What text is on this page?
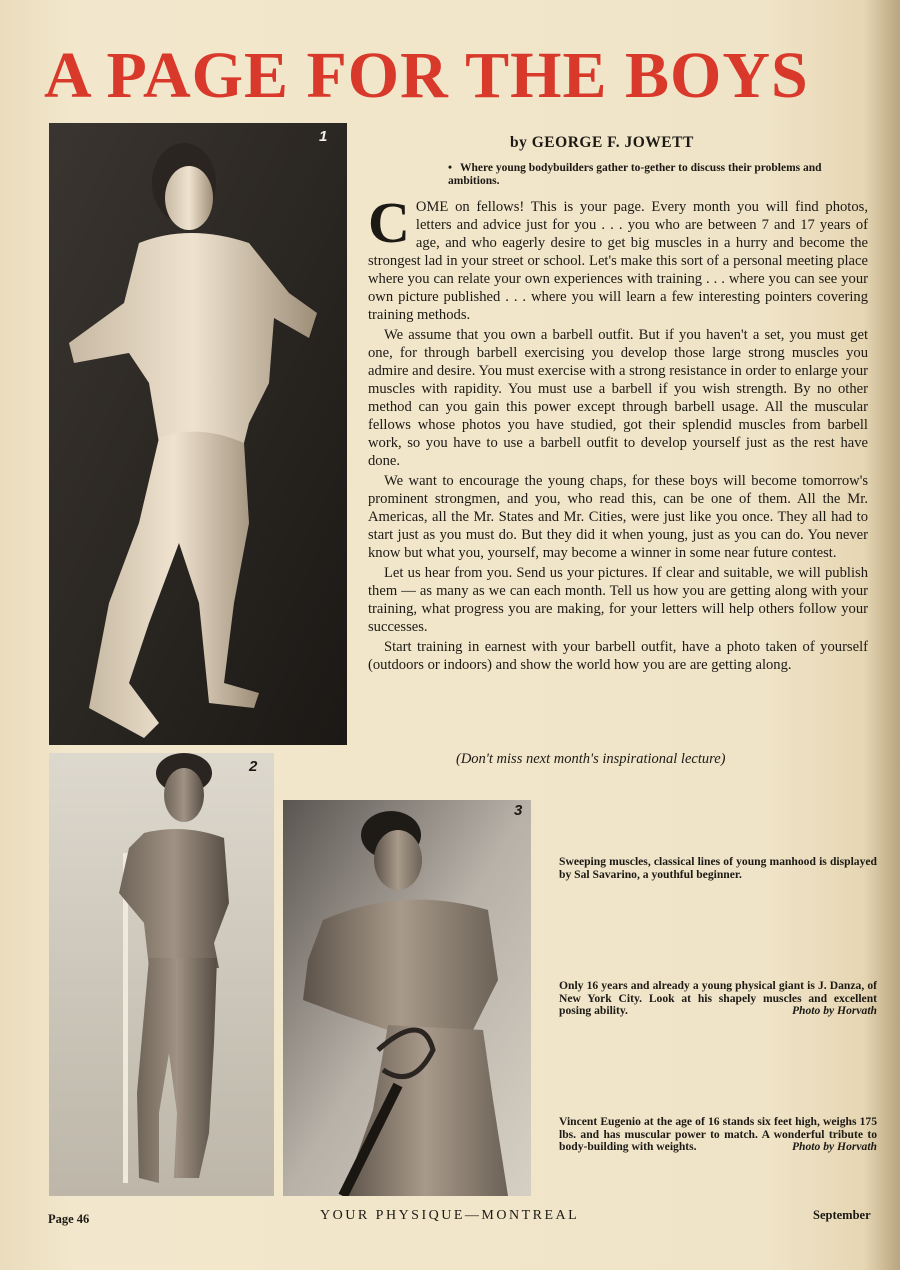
A PAGE FOR THE BOYS
1
2
3
by GEORGE F. JOWETT
• Where young bodybuilders gather to-gether to discuss their problems and ambitions.

COME on fellows! This is your page. Every month you will find photos, letters and advice just for you . . . you who are between 7 and 17 years of age, and who eagerly desire to get big muscles in a hurry and become the strongest lad in your street or school. Let's make this sort of a personal meeting place where you can relate your own experiences with training . . . where you can see your own picture published . . . where you will learn a few interesting pointers covering training methods.

We assume that you own a barbell outfit. But if you haven't a set, you must get one, for through barbell exercising you develop those large strong muscles you admire and desire. You must exercise with a strong resistance in order to enlarge your muscles with rapidity. You must use a barbell if you wish strength. By no other method can you gain this power except through barbell usage. All the muscular fellows whose photos you have studied, got their splendid muscles from barbell work, so you have to use a barbell outfit to develop yourself just as the rest have done.

We want to encourage the young chaps, for these boys will become tomorrow's prominent strongmen, and you, who read this, can be one of them. All the Mr. Americas, all the Mr. States and Mr. Cities, were just like you once. They all had to start just as you must do. But they did it when young, just as you can do. You never know but what you, yourself, may become a winner in some near future contest.

Let us hear from you. Send us your pictures. If clear and suitable, we will publish them — as many as we can each month. Tell us how you are getting along with your training, what progress you are making, for your letters will help others follow your successes.

Start training in earnest with your barbell outfit, have a photo taken of yourself (outdoors or indoors) and show the world how you are are getting along.

(Don't miss next month's inspirational lecture)
Sweeping muscles, classical lines of young manhood is displayed by Sal Savarino, a youthful beginner.
Only 16 years and already a young physical giant is J. Danza, of New York City. Look at his shapely muscles and excellent posing ability.	Photo by Horvath
Vincent Eugenio at the age of 16 stands six feet high, weighs 175 lbs. and has muscular power to match. A wonderful tribute to body-building with weights.	Photo by Horvath
Page 46	YOUR PHYSIQUE—MONTREAL	September
